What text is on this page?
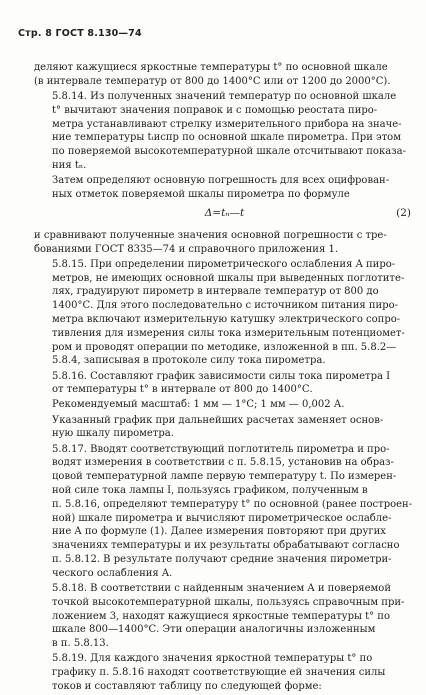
Стр. 8 ГОСТ 8.130—74
деляют кажущиеся яркостные температуры t° по основной шкале
(в интервале температур от 800 до 1400°С или от 1200 до 2000°С).
5.8.14. Из полученных значений температур по основной шкале
t° вычитают значения поправок и с помощью реостата пиро-
метра устанавливают стрелку измерительного прибора на значе-
ние температуры tᵢиспр по основной шкале пирометра. При этом
по поверяемой высокотемпературной шкале отсчитывают показа-
ния tₙ.
Затем определяют основную погрешность для всех оцифрован-
ных отметок поверяемой шкалы пирометра по формуле
Δ=tₙ—t	(2)
и сравнивают полученные значения основной погрешности с тре-
бованиями ГОСТ 8335—74 и справочного приложения 1.
5.8.15. При определении пирометрического ослабления A пиро-
метров, не имеющих основной шкалы при выведенных поглотите-
лях, градуируют пирометр в интервале температур от 800 до
1400°С. Для этого последовательно с источником питания пиро-
метра включают измерительную катушку электрического сопро-
тивления для измерения силы тока измерительным потенциомет-
ром и проводят операции по методике, изложенной в пп. 5.8.2—
5.8.4, записывая в протоколе силу тока пирометра.
5.8.16. Составляют график зависимости силы тока пирометра I
от температуры t° в интервале от 800 до 1400°С.
Рекомендуемый масштаб: 1 мм — 1°С; 1 мм — 0,002 А.
Указанный график при дальнейших расчетах заменяет основ-
ную шкалу пирометра.
5.8.17. Вводят соответствующий поглотитель пирометра и про-
водят измерения в соответствии с п. 5.8.15, установив на образ-
цовой температурной лампе первую температуру t. По измерен-
ной силе тока лампы I, пользуясь графиком, полученным в
п. 5.8.16, определяют температуру t° по основной (ранее построен-
ной) шкале пирометра и вычисляют пирометрическое ослабле-
ние A по формуле (1). Далее измерения повторяют при других
значениях температуры и их результаты обрабатывают согласно
п. 5.8.12. В результате получают средние значения пирометри-
ческого ослабления A.
5.8.18. В соответствии с найденным значением A и поверяемой
точкой высокотемпературной шкалы, пользуясь справочным при-
ложением 3, находят кажущиеся яркостные температуры t° по
шкале 800—1400°С. Эти операции аналогичны изложенным
в п. 5.8.13.
5.8.19. Для каждого значения яркостной температуры t° по
графику п. 5.8.16 находят соответствующие ей значения силы
токов и составляют таблицу по следующей форме:
